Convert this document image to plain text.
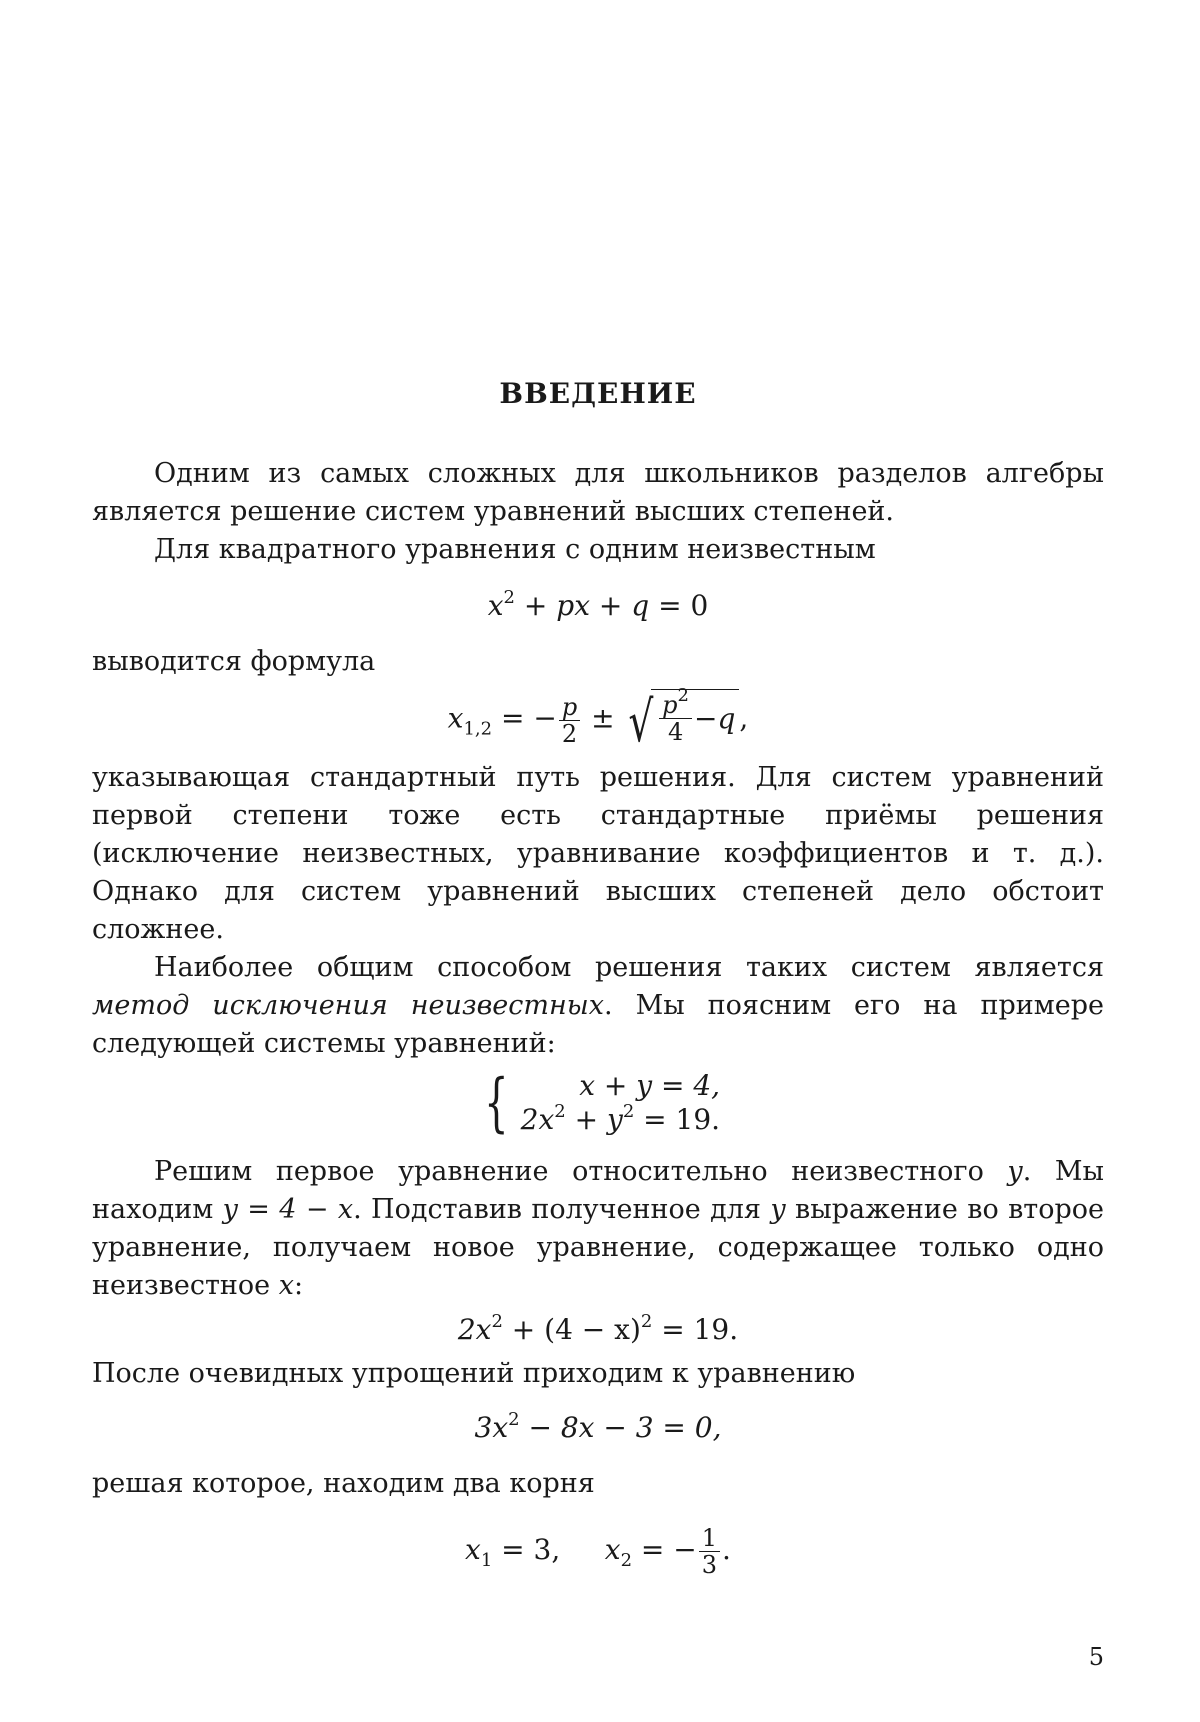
ВВЕДЕНИЕ

Одним из самых сложных для школьников разделов алгебры является решение систем уравнений высших степеней.

Для квадратного уравнения с одним неизвестным

$x^2$ + px + q = 0

выводится формула

$x_{1,2}$ = − $\frac{p}{2}$ ± √ $\frac{p^2}{4} - q$ ,

указывающая стандартный путь решения. Для систем уравнений первой степени тоже есть стандартные приёмы решения (исключение неизвестных, уравнивание коэффициентов и т. д.). Однако для систем уравнений высших степеней дело обстоит сложнее.

Наиболее общим способом решения таких систем является метод исключения неизвестных. Мы поясним его на примере следующей системы уравнений:

{	x + y = 4,
$2x^2 + y^2 = 19$.

Решим первое уравнение относительно неизвестного y. Мы находим y = 4 − x. Подставив полученное для y выражение во второе уравнение, получаем новое уравнение, содержащее только одно неизвестное x:

$2x^2 + (4 - x)^2 = 19$.

После очевидных упрощений приходим к уравнению

$3x^2 - 8x - 3 = 0$,

решая которое, находим два корня

$x_1 = 3$, $x_2$ = − $\frac{1}{3}$ .
5
